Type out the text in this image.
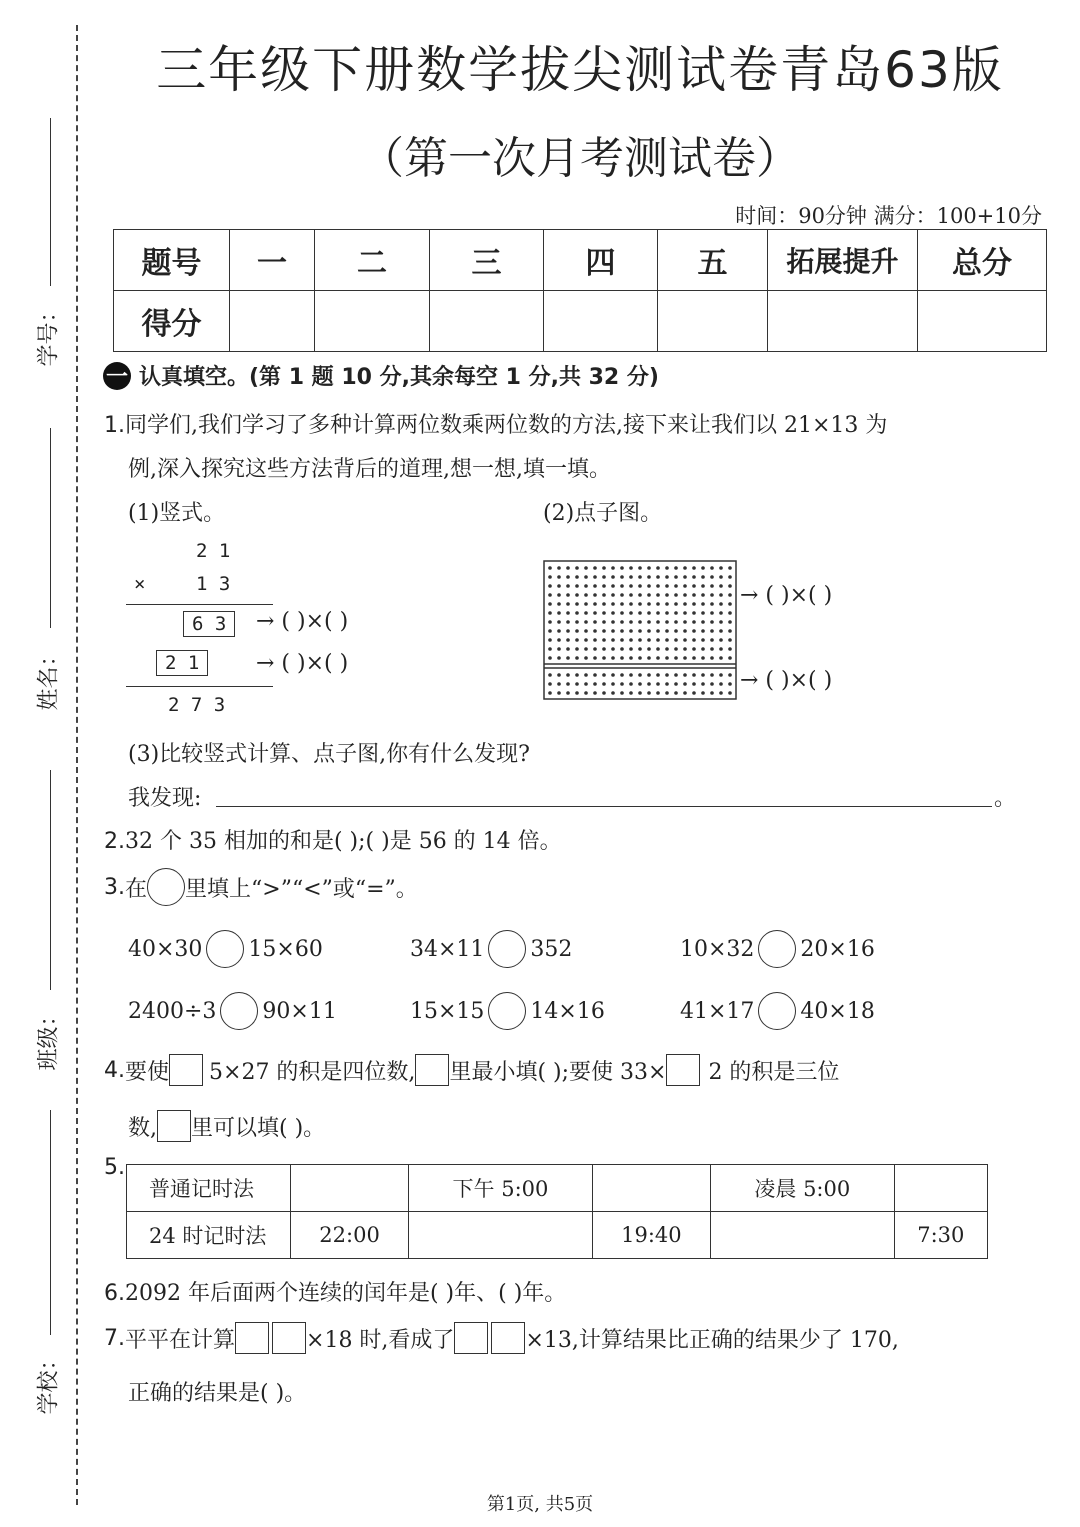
学号：
姓名：
班级：
学校：
三年级下册数学拔尖测试卷青岛63版
（第一次月考测试卷）
时间：90分钟 满分：100+10分
题号	一	二	三	四	五	拓展提升	总分
得分							
一 认真填空。(第 1 题 10 分,其余每空 1 分,共 32 分)
1.同学们,我们学习了多种计算两位数乘两位数的方法,接下来让我们以 21×13 为
例,深入探究这些方法背后的道理,想一想,填一填。
(1)竖式。	(2)点子图。
2 1
×	1 3
6 3	→ ( )×( )
2 1	→ ( )×( )
2 7 3
→ ( )×( )
→ ( )×( )
(3)比较竖式计算、点子图,你有什么发现?
我发现:	。
2.32 个 35 相加的和是( );( )是 56 的 14 倍。
3. 在 里填上“>”“<”或“=”。
40×30 15×60	34×11 352	10×32 20×16
2400÷3 90×11	15×15 14×16	41×17 40×18
4. 要使 5×27 的积是四位数, 里最小填( );要使 33× 2 的积是三位
数, 里可以填( )。
5.
普通记时法		下午 5:00		凌晨 5:00	
24 时记时法	22:00		19:40		7:30
6.2092 年后面两个连续的闰年是( )年、( )年。
7. 平平在计算	×18 时,看成了	×13,计算结果比正确的结果少了 170,
正确的结果是( )。
第1页, 共5页
